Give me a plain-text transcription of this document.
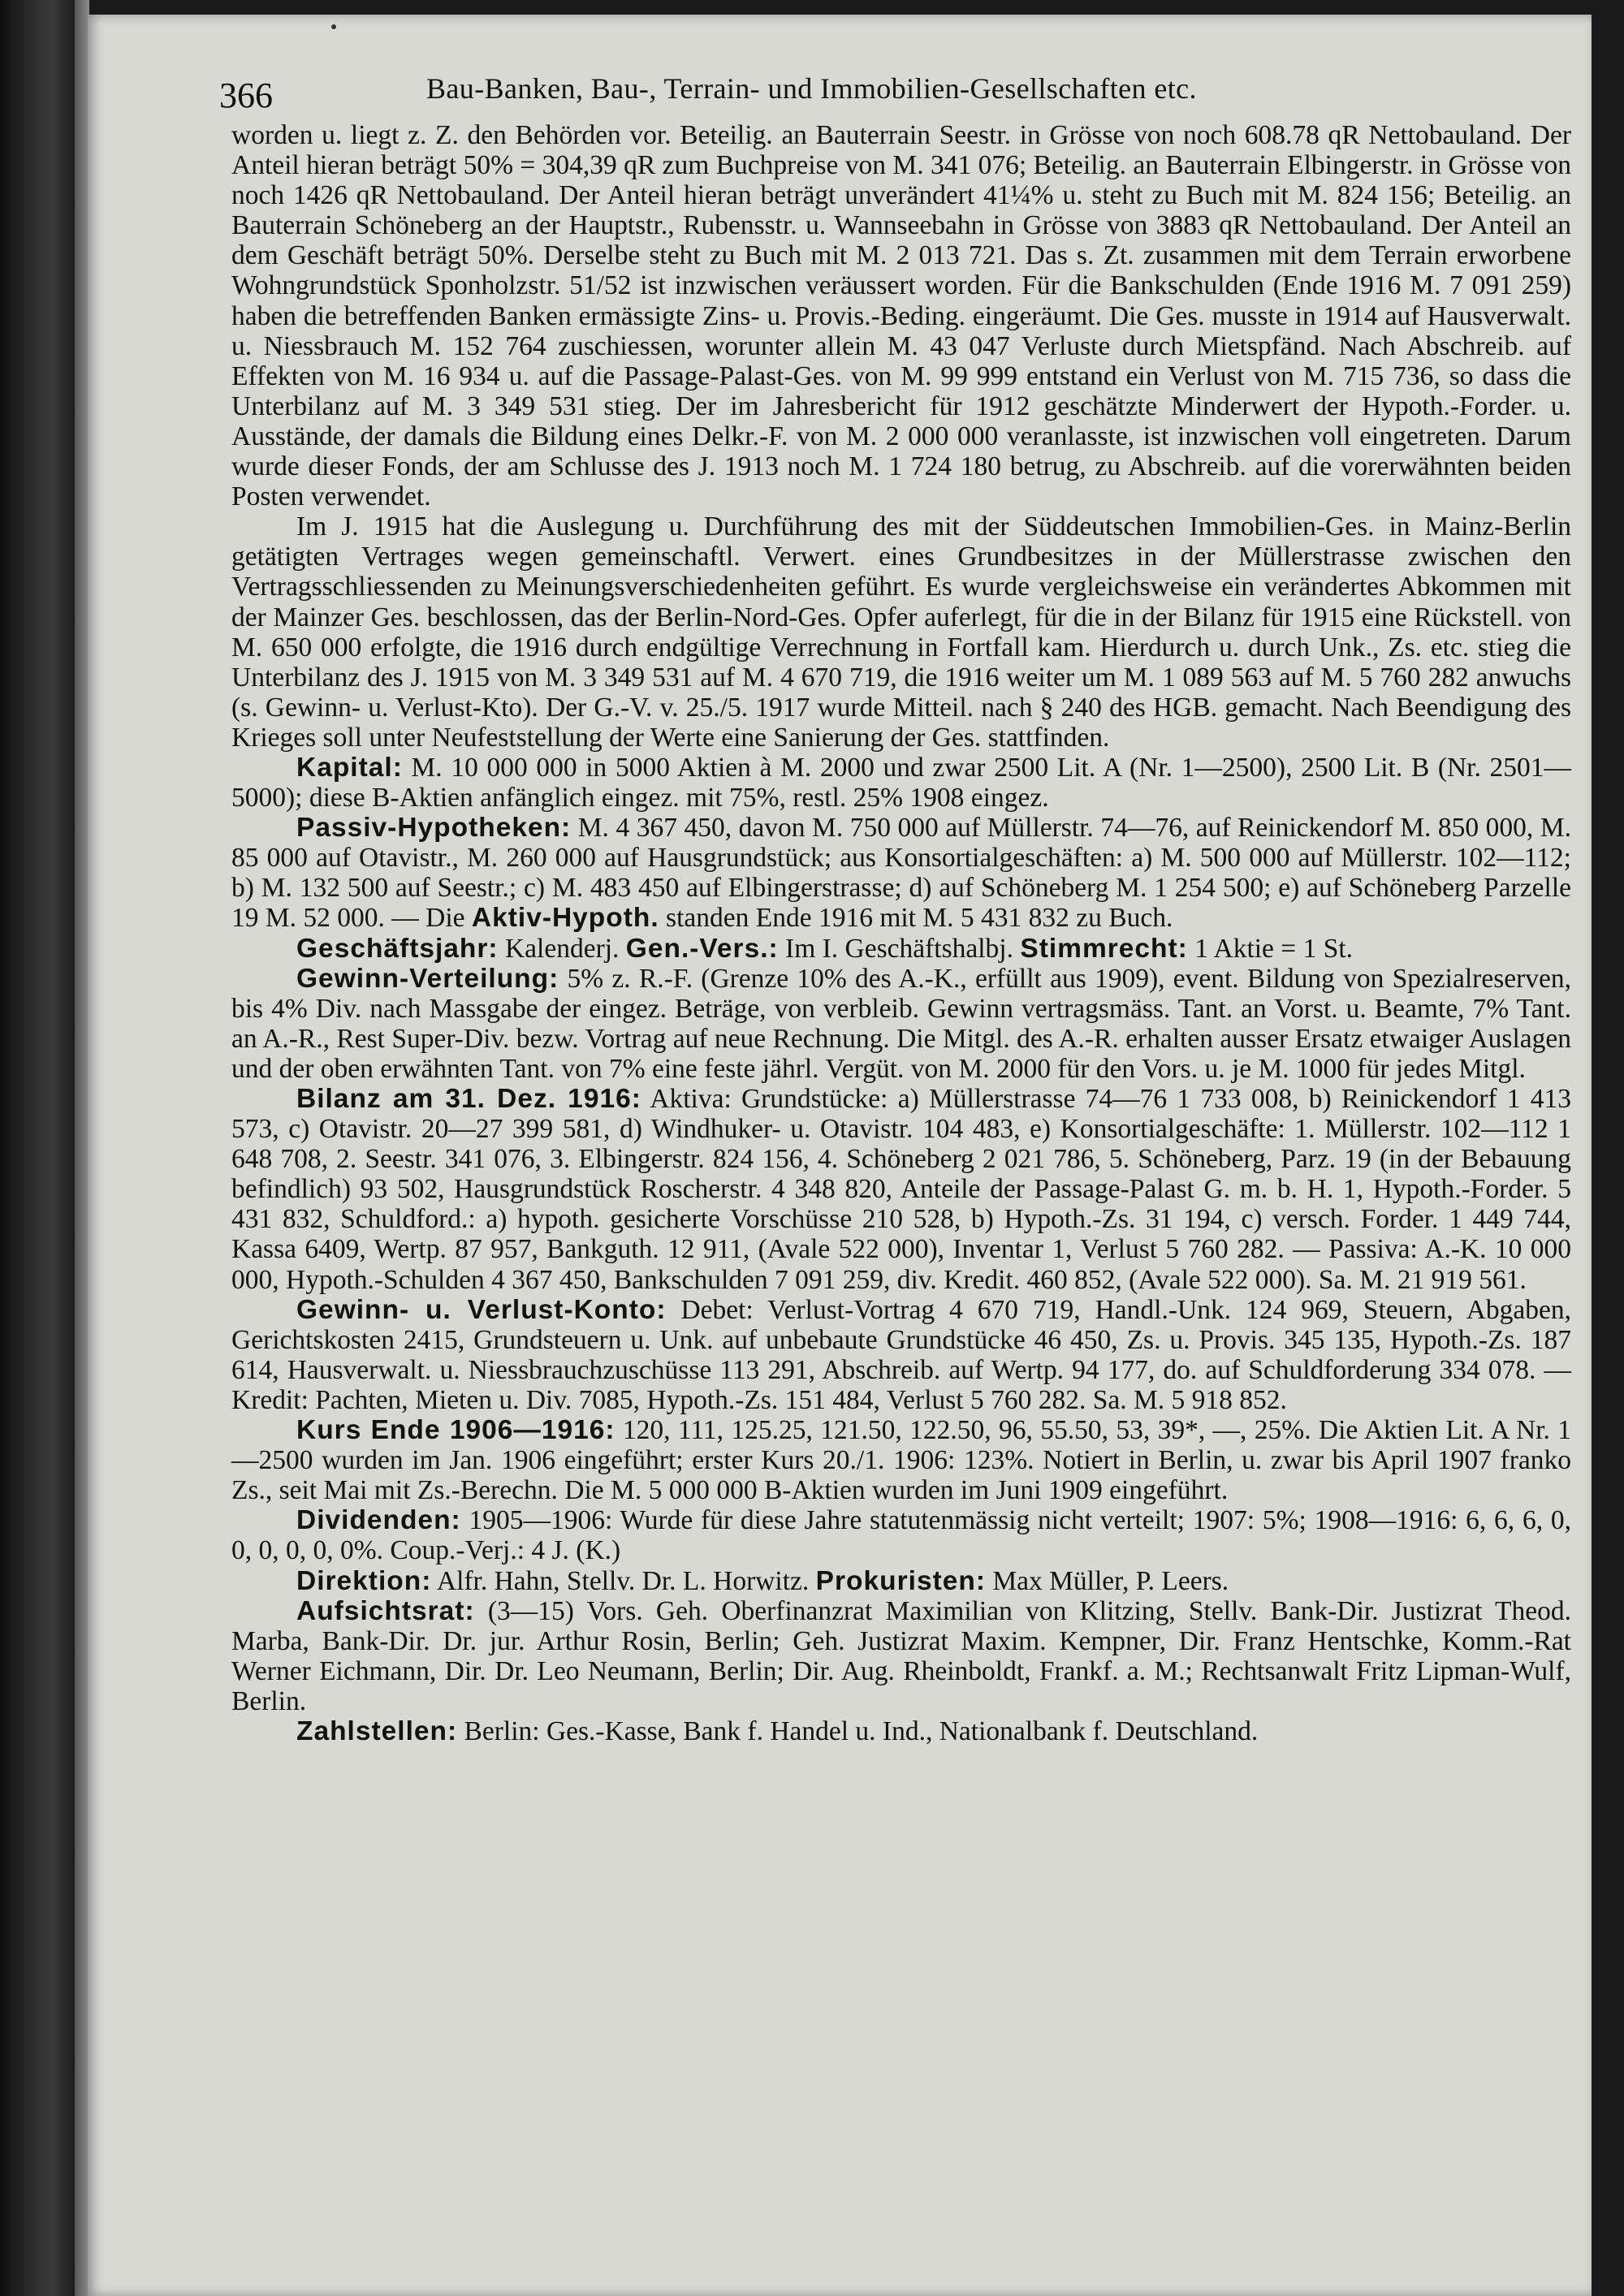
366	Bau-Banken, Bau-, Terrain- und Immobilien-Gesellschaften etc.

worden u. liegt z. Z. den Behörden vor. Beteilig. an Bauterrain Seestr. in Grösse von noch 608.78 qR Nettobauland. Der Anteil hieran beträgt 50% = 304,39 qR zum Buchpreise von M. 341 076; Beteilig. an Bauterrain Elbingerstr. in Grösse von noch 1426 qR Nettobauland. Der Anteil hieran beträgt unverändert 41¼% u. steht zu Buch mit M. 824 156; Beteilig. an Bauterrain Schöneberg an der Hauptstr., Rubensstr. u. Wannseebahn in Grösse von 3883 qR Nettobauland. Der Anteil an dem Geschäft beträgt 50%. Derselbe steht zu Buch mit M. 2 013 721. Das s. Zt. zusammen mit dem Terrain erworbene Wohngrundstück Sponholzstr. 51/52 ist inzwischen veräussert worden. Für die Bankschulden (Ende 1916 M. 7 091 259) haben die betreffenden Banken ermässigte Zins- u. Provis.-Beding. eingeräumt. Die Ges. musste in 1914 auf Hausverwalt. u. Niessbrauch M. 152 764 zuschiessen, worunter allein M. 43 047 Verluste durch Mietspfänd. Nach Abschreib. auf Effekten von M. 16 934 u. auf die Passage-Palast-Ges. von M. 99 999 entstand ein Verlust von M. 715 736, so dass die Unterbilanz auf M. 3 349 531 stieg. Der im Jahresbericht für 1912 geschätzte Minderwert der Hypoth.-Forder. u. Ausstände, der damals die Bildung eines Delkr.-F. von M. 2 000 000 veranlasste, ist inzwischen voll eingetreten. Darum wurde dieser Fonds, der am Schlusse des J. 1913 noch M. 1 724 180 betrug, zu Abschreib. auf die vorerwähnten beiden Posten verwendet.

Im J. 1915 hat die Auslegung u. Durchführung des mit der Süddeutschen Immobilien-Ges. in Mainz-Berlin getätigten Vertrages wegen gemeinschaftl. Verwert. eines Grundbesitzes in der Müllerstrasse zwischen den Vertragsschliessenden zu Meinungsverschiedenheiten geführt. Es wurde vergleichsweise ein verändertes Abkommen mit der Mainzer Ges. beschlossen, das der Berlin-Nord-Ges. Opfer auferlegt, für die in der Bilanz für 1915 eine Rückstell. von M. 650 000 erfolgte, die 1916 durch endgültige Verrechnung in Fortfall kam. Hierdurch u. durch Unk., Zs. etc. stieg die Unterbilanz des J. 1915 von M. 3 349 531 auf M. 4 670 719, die 1916 weiter um M. 1 089 563 auf M. 5 760 282 anwuchs (s. Gewinn- u. Verlust-Kto). Der G.-V. v. 25./5. 1917 wurde Mitteil. nach § 240 des HGB. gemacht. Nach Beendigung des Krieges soll unter Neufeststellung der Werte eine Sanierung der Ges. stattfinden.

Kapital: M. 10 000 000 in 5000 Aktien à M. 2000 und zwar 2500 Lit. A (Nr. 1—2500), 2500 Lit. B (Nr. 2501—5000); diese B-Aktien anfänglich eingez. mit 75%, restl. 25% 1908 eingez.

Passiv-Hypotheken: M. 4 367 450, davon M. 750 000 auf Müllerstr. 74—76, auf Reinickendorf M. 850 000, M. 85 000 auf Otavistr., M. 260 000 auf Hausgrundstück; aus Konsortialgeschäften: a) M. 500 000 auf Müllerstr. 102—112; b) M. 132 500 auf Seestr.; c) M. 483 450 auf Elbingerstrasse; d) auf Schöneberg M. 1 254 500; e) auf Schöneberg Parzelle 19 M. 52 000. — Die Aktiv-Hypoth. standen Ende 1916 mit M. 5 431 832 zu Buch.

Geschäftsjahr: Kalenderj. Gen.-Vers.: Im I. Geschäftshalbj. Stimmrecht: 1 Aktie = 1 St.

Gewinn-Verteilung: 5% z. R.-F. (Grenze 10% des A.-K., erfüllt aus 1909), event. Bildung von Spezialreserven, bis 4% Div. nach Massgabe der eingez. Beträge, von verbleib. Gewinn vertragsmäss. Tant. an Vorst. u. Beamte, 7% Tant. an A.-R., Rest Super-Div. bezw. Vortrag auf neue Rechnung. Die Mitgl. des A.-R. erhalten ausser Ersatz etwaiger Auslagen und der oben erwähnten Tant. von 7% eine feste jährl. Vergüt. von M. 2000 für den Vors. u. je M. 1000 für jedes Mitgl.

Bilanz am 31. Dez. 1916: Aktiva: Grundstücke: a) Müllerstrasse 74—76 1 733 008, b) Reinickendorf 1 413 573, c) Otavistr. 20—27 399 581, d) Windhuker- u. Otavistr. 104 483, e) Konsortialgeschäfte: 1. Müllerstr. 102—112 1 648 708, 2. Seestr. 341 076, 3. Elbingerstr. 824 156, 4. Schöneberg 2 021 786, 5. Schöneberg, Parz. 19 (in der Bebauung befindlich) 93 502, Hausgrundstück Roscherstr. 4 348 820, Anteile der Passage-Palast G. m. b. H. 1, Hypoth.-Forder. 5 431 832, Schuldford.: a) hypoth. gesicherte Vorschüsse 210 528, b) Hypoth.-Zs. 31 194, c) versch. Forder. 1 449 744, Kassa 6409, Wertp. 87 957, Bankguth. 12 911, (Avale 522 000), Inventar 1, Verlust 5 760 282. — Passiva: A.-K. 10 000 000, Hypoth.-Schulden 4 367 450, Bankschulden 7 091 259, div. Kredit. 460 852, (Avale 522 000). Sa. M. 21 919 561.

Gewinn- u. Verlust-Konto: Debet: Verlust-Vortrag 4 670 719, Handl.-Unk. 124 969, Steuern, Abgaben, Gerichtskosten 2415, Grundsteuern u. Unk. auf unbebaute Grundstücke 46 450, Zs. u. Provis. 345 135, Hypoth.-Zs. 187 614, Hausverwalt. u. Niessbrauchzuschüsse 113 291, Abschreib. auf Wertp. 94 177, do. auf Schuldforderung 334 078. — Kredit: Pachten, Mieten u. Div. 7085, Hypoth.-Zs. 151 484, Verlust 5 760 282. Sa. M. 5 918 852.

Kurs Ende 1906—1916: 120, 111, 125.25, 121.50, 122.50, 96, 55.50, 53, 39*, —, 25%. Die Aktien Lit. A Nr. 1—2500 wurden im Jan. 1906 eingeführt; erster Kurs 20./1. 1906: 123%. Notiert in Berlin, u. zwar bis April 1907 franko Zs., seit Mai mit Zs.-Berechn. Die M. 5 000 000 B-Aktien wurden im Juni 1909 eingeführt.

Dividenden: 1905—1906: Wurde für diese Jahre statutenmässig nicht verteilt; 1907: 5%; 1908—1916: 6, 6, 6, 0, 0, 0, 0, 0, 0%. Coup.-Verj.: 4 J. (K.)

Direktion: Alfr. Hahn, Stellv. Dr. L. Horwitz. Prokuristen: Max Müller, P. Leers.

Aufsichtsrat: (3—15) Vors. Geh. Oberfinanzrat Maximilian von Klitzing, Stellv. Bank-Dir. Justizrat Theod. Marba, Bank-Dir. Dr. jur. Arthur Rosin, Berlin; Geh. Justizrat Maxim. Kempner, Dir. Franz Hentschke, Komm.-Rat Werner Eichmann, Dir. Dr. Leo Neumann, Berlin; Dir. Aug. Rheinboldt, Frankf. a. M.; Rechtsanwalt Fritz Lipman-Wulf, Berlin.

Zahlstellen: Berlin: Ges.-Kasse, Bank f. Handel u. Ind., Nationalbank f. Deutschland.
